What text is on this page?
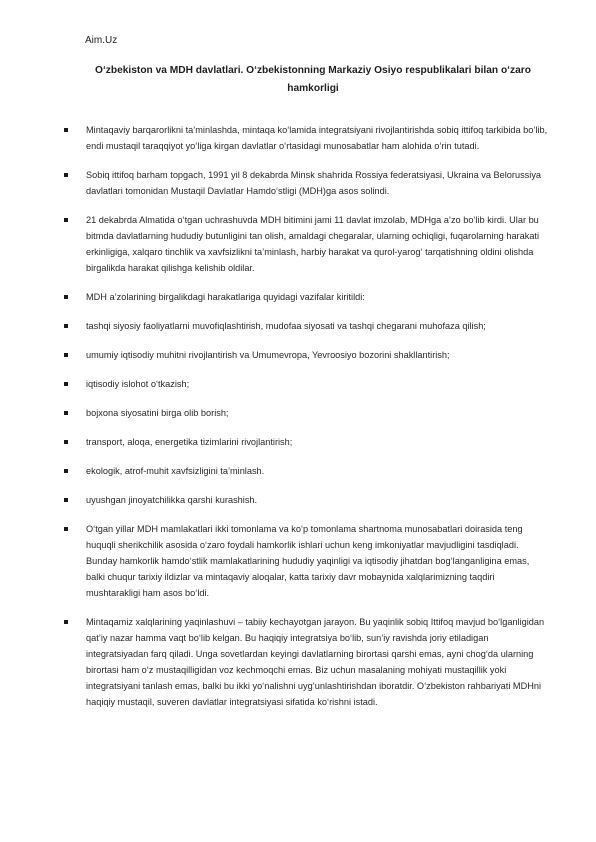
Aim.Uz
O‘zbekiston va MDH davlatlari. O‘zbekistonning Markaziy Osiyo respublikalari bilan o‘zaro hamkorligi
Mintaqaviy barqarorlikni ta’minlashda, mintaqa ko‘lamida integratsiyani rivojlantirishda sobiq ittifoq tarkibida bo‘lib, endi mustaqil taraqqiyot yo‘liga kirgan davlatlar o‘rtasidagi munosabatlar ham alohida o‘rin tutadi.
Sobiq ittifoq barham topgach, 1991 yil 8 dekabrda Minsk shahrida Rossiya federatsiyasi, Ukraina va Belorussiya davlatlari tomonidan Mustaqil Davlatlar Hamdo‘stligi (MDH)ga asos solindi.
21 dekabrda Almatida o‘tgan uchrashuvda MDH bitimini jami 11 davlat imzolab, MDHga a’zo bo‘lib kirdi. Ular bu bitmda davlatlarning hududiy butunligini tan olish, amaldagi chegaralar, ularning ochiqligi, fuqarolarning harakati erkinligiga, xalqaro tinchlik va xavfsizlikni ta’minlash, harbiy harakat va qurol-yarog‘ tarqatishning oldini olishda birgalikda harakat qilishga kelishib oldilar.
MDH a’zolarining birgalikdagi harakatlariga quyidagi vazifalar kiritildi:
tashqi siyosiy faoliyatlarni muvofiqlashtirish, mudofaa siyosati va tashqi chegarani muhofaza qilish;
umumiy iqtisodiy muhitni rivojlantirish va Umumevropa, Yevroosiyo bozorini shakllantirish;
iqtisodiy islohot o‘tkazish;
bojxona siyosatini birga olib borish;
transport, aloqa, energetika tizimlarini rivojlantirish;
ekologik, atrof-muhit xavfsizligini ta’minlash.
uyushgan jinoyatchilikka qarshi kurashish.
O‘tgan yillar MDH mamlakatlari ikki tomonlama va ko‘p tomonlama shartnoma munosabatlari doirasida teng huquqli sherikchilik asosida o‘zaro foydali hamkorlik ishlari uchun keng imkoniyatlar mavjudligini tasdiqladi. Bunday hamkorlik hamdo‘stlik mamlakatlarining hududiy yaqinligi va iqtisodiy jihatdan bog‘langanligina emas, balki chuqur tarixiy ildizlar va mintaqaviy aloqalar, katta tarixiy davr mobaynida xalqlarimizning taqdiri mushtarakligi ham asos bo‘ldi.
Mintaqamiz xalqlarining yaqinlashuvi – tabiiy kechayotgan jarayon. Bu yaqinlik sobiq Ittifoq mavjud bo‘lganligidan qat’iy nazar hamma vaqt bo‘lib kelgan. Bu haqiqiy integratsiya bo‘lib, sun’iy ravishda joriy etiladigan integratsiyadan farq qiladi. Unga sovetlardan keyingi davlatlarning birortasi qarshi emas, ayni chog‘da ularning birortasi ham o‘z mustaqilligidan voz kechmoqchi emas. Biz uchun masalaning mohiyati mustaqillik yoki integratsiyani tanlash emas, balki bu ikki yo‘nalishni uyg‘unlashtirishdan iboratdir. O‘zbekiston rahbariyati MDHni haqiqiy mustaqil, suveren davlatlar integratsiyasi sifatida ko‘rishni istadi.
